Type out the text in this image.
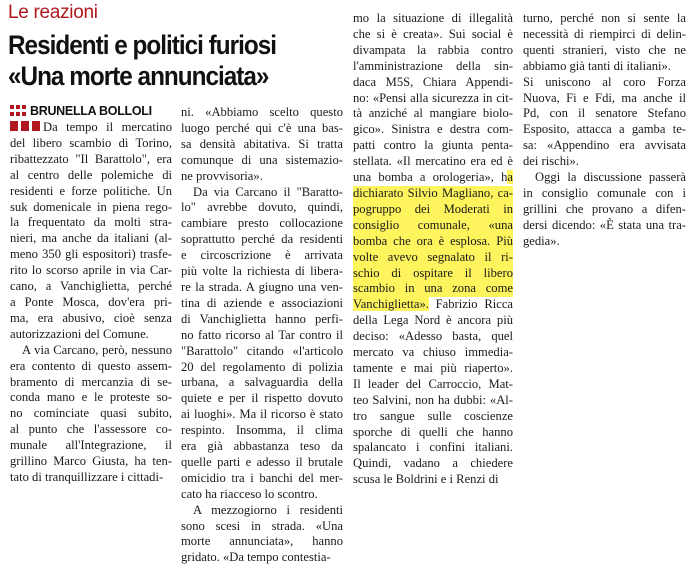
Le reazioni
Residenti e politici furiosi
«Una morte annunciata»
BRUNELLA BOLLOLI
Da tempo il mercatino
del libero scambio di Torino,
ribattezzato "Il Barattolo", era
al centro delle polemiche di
residenti e forze politiche. Un
suk domenicale in piena rego-
la frequentato da molti stra-
nieri, ma anche da italiani (al-
meno 350 gli espositori) trasfe-
rito lo scorso aprile in via Car-
cano, a Vanchiglietta, perché
a Ponte Mosca, dov'era pri-
ma, era abusivo, cioè senza
autorizzazioni del Comune.
A via Carcano, però, nessuno
era contento di questo assem-
bramento di mercanzia di se-
conda mano e le proteste so-
no cominciate quasi subito,
al punto che l'assessore co-
munale all'Integrazione, il
grillino Marco Giusta, ha ten-
tato di tranquillizzare i cittadi-
ni. «Abbiamo scelto questo
luogo perché qui c'è una bas-
sa densità abitativa. Si tratta
comunque di una sistemazio-
ne provvisoria».
Da via Carcano il "Baratto-
lo" avrebbe dovuto, quindi,
cambiare presto collocazione
soprattutto perché da residenti
e circoscrizione è arrivata
più volte la richiesta di libera-
re la strada. A giugno una ven-
tina di aziende e associazioni
di Vanchiglietta hanno perfi-
no fatto ricorso al Tar contro il
"Barattolo" citando «l'articolo
20 del regolamento di polizia
urbana, a salvaguardia della
quiete e per il rispetto dovuto
ai luoghi». Ma il ricorso è stato
respinto. Insomma, il clima
era già abbastanza teso da
quelle parti e adesso il brutale
omicidio tra i banchi del mer-
cato ha riacceso lo scontro.
A mezzogiorno i residenti
sono scesi in strada. «Una
morte annunciata», hanno
gridato. «Da tempo contestia-
mo la situazione di illegalità
che si è creata». Sui social è
divampata la rabbia contro
l'amministrazione della sin-
daca M5S, Chiara Appendi-
no: «Pensi alla sicurezza in cit-
tà anziché al mangiare biolo-
gico». Sinistra e destra com-
patti contro la giunta penta-
stellata. «Il mercatino era ed è
una bomba a orologeria», ha
dichiarato Silvio Magliano, ca-
pogruppo dei Moderati in
consiglio comunale, «una
bomba che ora è esplosa. Più
volte avevo segnalato il ri-
schio di ospitare il libero
scambio in una zona come
Vanchiglietta». Fabrizio Ricca
della Lega Nord è ancora più
deciso: «Adesso basta, quel
mercato va chiuso immedia-
tamente e mai più riaperto».
Il leader del Carroccio, Mat-
teo Salvini, non ha dubbi: «Al-
tro sangue sulle coscienze
sporche di quelli che hanno
spalancato i confini italiani.
Quindi, vadano a chiedere
scusa le Boldrini e i Renzi di
turno, perché non si sente la
necessità di riempirci di delin-
quenti stranieri, visto che ne
abbiamo già tanti di italiani».
Si uniscono al coro Forza
Nuova, Fi e Fdi, ma anche il
Pd, con il senatore Stefano
Esposito, attacca a gamba te-
sa: «Appendino era avvisata
dei rischi».
Oggi la discussione passerà
in consiglio comunale con i
grillini che provano a difen-
dersi dicendo: «È stata una tra-
gedia».
